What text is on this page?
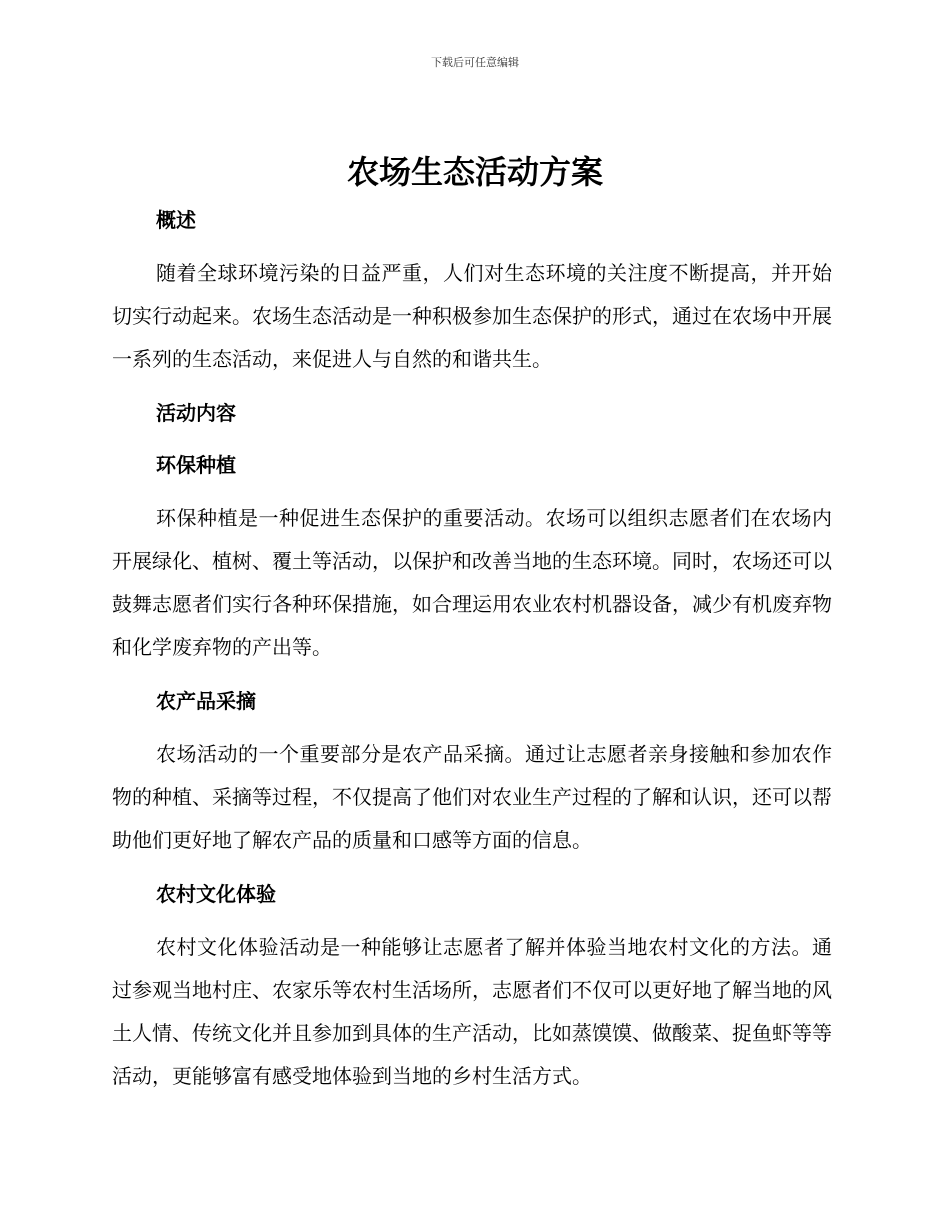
下载后可任意编辑
农场生态活动方案
概述

随着全球环境污染的日益严重，人们对生态环境的关注度不断提高，并开始切实行动起来。农场生态活动是一种积极参加生态保护的形式，通过在农场中开展一系列的生态活动，来促进人与自然的和谐共生。

活动内容
环保种植

环保种植是一种促进生态保护的重要活动。农场可以组织志愿者们在农场内开展绿化、植树、覆土等活动，以保护和改善当地的生态环境。同时，农场还可以鼓舞志愿者们实行各种环保措施，如合理运用农业农村机器设备，减少有机废弃物和化学废弃物的产出等。

农产品采摘

农场活动的一个重要部分是农产品采摘。通过让志愿者亲身接触和参加农作物的种植、采摘等过程，不仅提高了他们对农业生产过程的了解和认识，还可以帮助他们更好地了解农产品的质量和口感等方面的信息。

农村文化体验

农村文化体验活动是一种能够让志愿者了解并体验当地农村文化的方法。通过参观当地村庄、农家乐等农村生活场所，志愿者们不仅可以更好地了解当地的风土人情、传统文化并且参加到具体的生产活动，比如蒸馍馍、做酸菜、捉鱼虾等等活动，更能够富有感受地体验到当地的乡村生活方式。
